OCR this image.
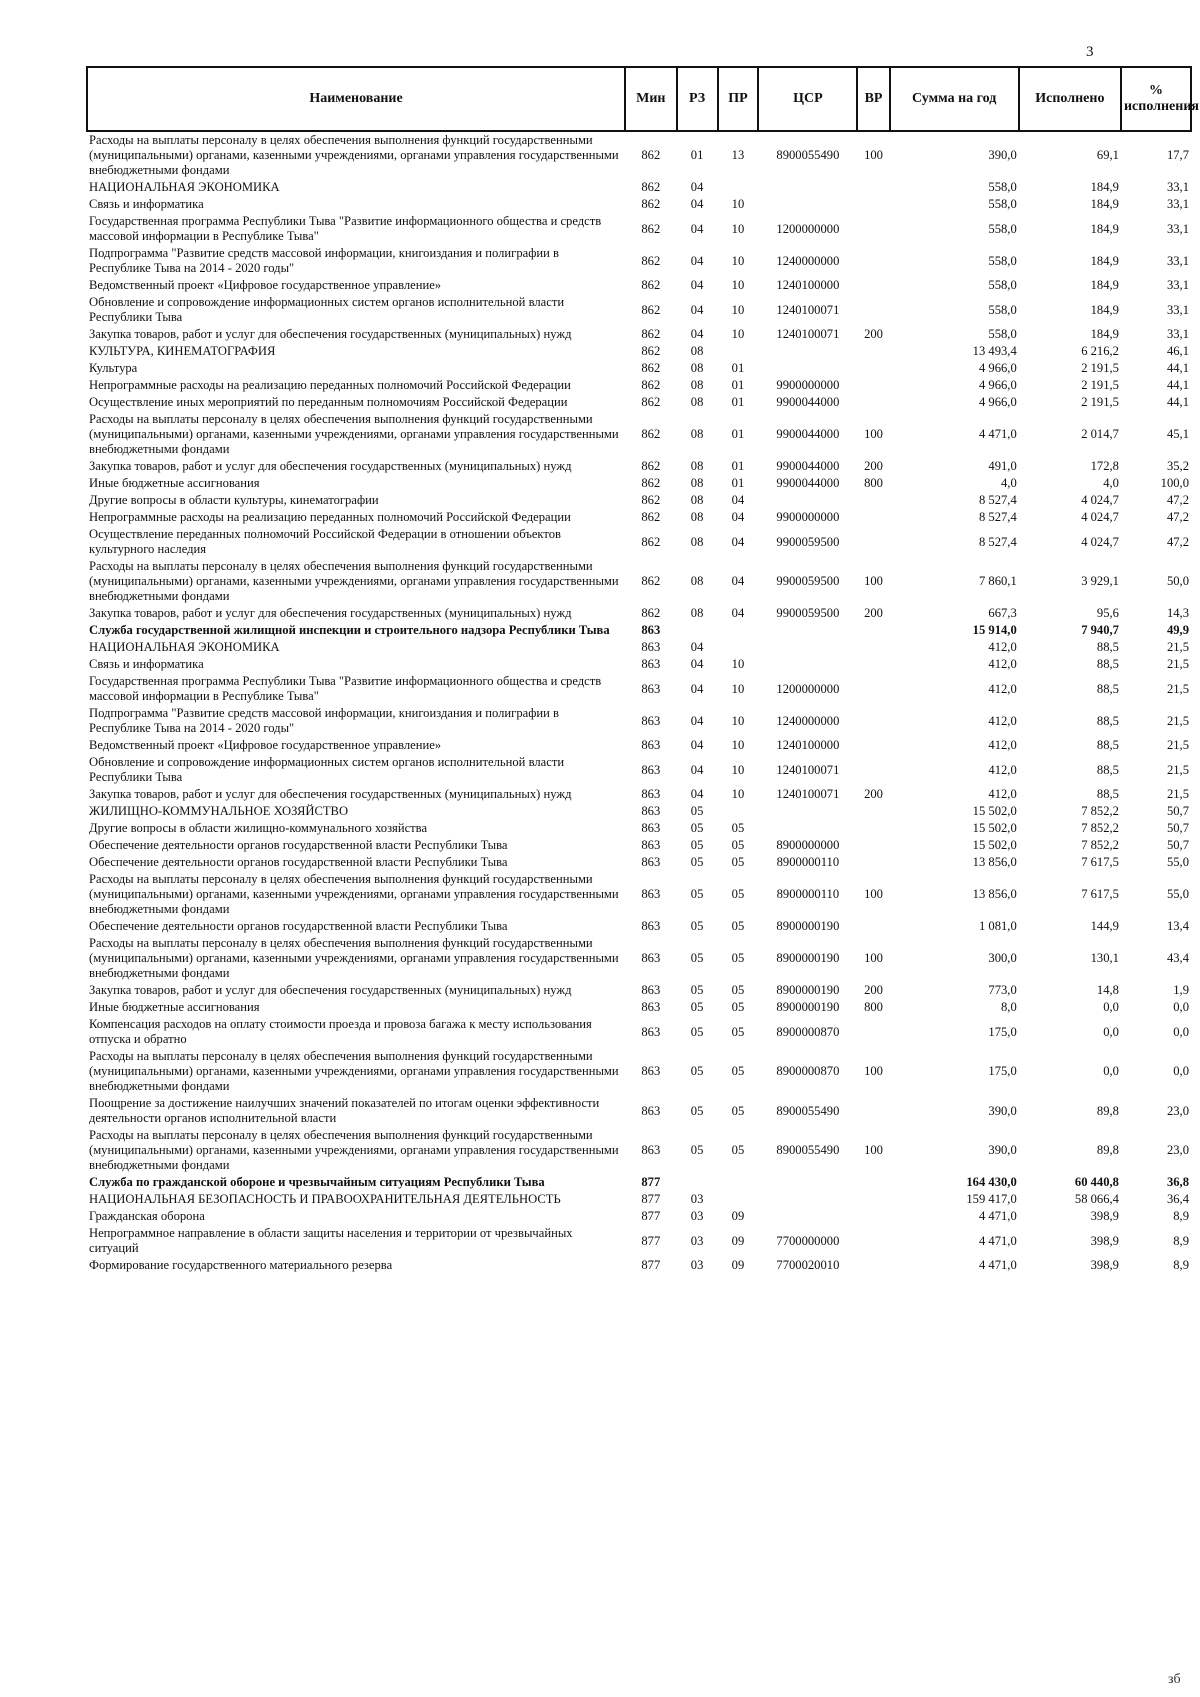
3
Наименование	Мин	РЗ	ПР	ЦСР	ВР	Сумма на год	Исполнено	% исполнения
Расходы на выплаты персоналу в целях обеспечения выполнения функций государственными (муниципальными) органами, казенными учреждениями, органами управления государственными внебюджетными фондами	862	01	13	8900055490	100	390,0	69,1	17,7
НАЦИОНАЛЬНАЯ ЭКОНОМИКА	862	04				558,0	184,9	33,1
Связь и информатика	862	04	10			558,0	184,9	33,1
Государственная программа Республики Тыва "Развитие информационного общества и средств массовой информации в Республике Тыва"	862	04	10	1200000000		558,0	184,9	33,1
Подпрограмма "Развитие средств массовой информации, книгоиздания и полиграфии в Республике Тыва на 2014 - 2020 годы"	862	04	10	1240000000		558,0	184,9	33,1
Ведомственный проект «Цифровое государственное управление»	862	04	10	1240100000		558,0	184,9	33,1
Обновление и сопровождение информационных систем органов исполнительной власти Республики Тыва	862	04	10	1240100071		558,0	184,9	33,1
Закупка товаров, работ и услуг для обеспечения государственных (муниципальных) нужд	862	04	10	1240100071	200	558,0	184,9	33,1
КУЛЬТУРА, КИНЕМАТОГРАФИЯ	862	08				13 493,4	6 216,2	46,1
Культура	862	08	01			4 966,0	2 191,5	44,1
Непрограммные расходы на реализацию переданных полномочий Российской Федерации	862	08	01	9900000000		4 966,0	2 191,5	44,1
Осуществление иных мероприятий по переданным полномочиям Российской Федерации	862	08	01	9900044000		4 966,0	2 191,5	44,1
Расходы на выплаты персоналу в целях обеспечения выполнения функций государственными (муниципальными) органами, казенными учреждениями, органами управления государственными внебюджетными фондами	862	08	01	9900044000	100	4 471,0	2 014,7	45,1
Закупка товаров, работ и услуг для обеспечения государственных (муниципальных) нужд	862	08	01	9900044000	200	491,0	172,8	35,2
Иные бюджетные ассигнования	862	08	01	9900044000	800	4,0	4,0	100,0
Другие вопросы в области культуры, кинематографии	862	08	04			8 527,4	4 024,7	47,2
Непрограммные расходы на реализацию переданных полномочий Российской Федерации	862	08	04	9900000000		8 527,4	4 024,7	47,2
Осуществление переданных полномочий Российской Федерации в отношении объектов культурного наследия	862	08	04	9900059500		8 527,4	4 024,7	47,2
Расходы на выплаты персоналу в целях обеспечения выполнения функций государственными (муниципальными) органами, казенными учреждениями, органами управления государственными внебюджетными фондами	862	08	04	9900059500	100	7 860,1	3 929,1	50,0
Закупка товаров, работ и услуг для обеспечения государственных (муниципальных) нужд	862	08	04	9900059500	200	667,3	95,6	14,3
Служба государственной жилищной инспекции и строительного надзора Республики Тыва	863					15 914,0	7 940,7	49,9
НАЦИОНАЛЬНАЯ ЭКОНОМИКА	863	04				412,0	88,5	21,5
Связь и информатика	863	04	10			412,0	88,5	21,5
Государственная программа Республики Тыва "Развитие информационного общества и средств массовой информации в Республике Тыва"	863	04	10	1200000000		412,0	88,5	21,5
Подпрограмма "Развитие средств массовой информации, книгоиздания и полиграфии в Республике Тыва на 2014 - 2020 годы"	863	04	10	1240000000		412,0	88,5	21,5
Ведомственный проект «Цифровое государственное управление»	863	04	10	1240100000		412,0	88,5	21,5
Обновление и сопровождение информационных систем органов исполнительной власти Республики Тыва	863	04	10	1240100071		412,0	88,5	21,5
Закупка товаров, работ и услуг для обеспечения государственных (муниципальных) нужд	863	04	10	1240100071	200	412,0	88,5	21,5
ЖИЛИЩНО-КОММУНАЛЬНОЕ ХОЗЯЙСТВО	863	05				15 502,0	7 852,2	50,7
Другие вопросы в области жилищно-коммунального хозяйства	863	05	05			15 502,0	7 852,2	50,7
Обеспечение деятельности органов государственной власти Республики Тыва	863	05	05	8900000000		15 502,0	7 852,2	50,7
Обеспечение деятельности органов государственной власти Республики Тыва	863	05	05	8900000110		13 856,0	7 617,5	55,0
Расходы на выплаты персоналу в целях обеспечения выполнения функций государственными (муниципальными) органами, казенными учреждениями, органами управления государственными внебюджетными фондами	863	05	05	8900000110	100	13 856,0	7 617,5	55,0
Обеспечение деятельности органов государственной власти Республики Тыва	863	05	05	8900000190		1 081,0	144,9	13,4
Расходы на выплаты персоналу в целях обеспечения выполнения функций государственными (муниципальными) органами, казенными учреждениями, органами управления государственными внебюджетными фондами	863	05	05	8900000190	100	300,0	130,1	43,4
Закупка товаров, работ и услуг для обеспечения государственных (муниципальных) нужд	863	05	05	8900000190	200	773,0	14,8	1,9
Иные бюджетные ассигнования	863	05	05	8900000190	800	8,0	0,0	0,0
Компенсация расходов на оплату стоимости проезда и провоза багажа к месту использования отпуска и обратно	863	05	05	8900000870		175,0	0,0	0,0
Расходы на выплаты персоналу в целях обеспечения выполнения функций государственными (муниципальными) органами, казенными учреждениями, органами управления государственными внебюджетными фондами	863	05	05	8900000870	100	175,0	0,0	0,0
Поощрение за достижение наилучших значений показателей по итогам оценки эффективности деятельности органов исполнительной власти	863	05	05	8900055490		390,0	89,8	23,0
Расходы на выплаты персоналу в целях обеспечения выполнения функций государственными (муниципальными) органами, казенными учреждениями, органами управления государственными внебюджетными фондами	863	05	05	8900055490	100	390,0	89,8	23,0
Служба по гражданской обороне и чрезвычайным ситуациям Республики Тыва	877					164 430,0	60 440,8	36,8
НАЦИОНАЛЬНАЯ БЕЗОПАСНОСТЬ И ПРАВООХРАНИТЕЛЬНАЯ ДЕЯТЕЛЬНОСТЬ	877	03				159 417,0	58 066,4	36,4
Гражданская оборона	877	03	09			4 471,0	398,9	8,9
Непрограммное направление в области защиты населения и территории от чрезвычайных ситуаций	877	03	09	7700000000		4 471,0	398,9	8,9
Формирование государственного материального резерва	877	03	09	7700020010		4 471,0	398,9	8,9
зб
